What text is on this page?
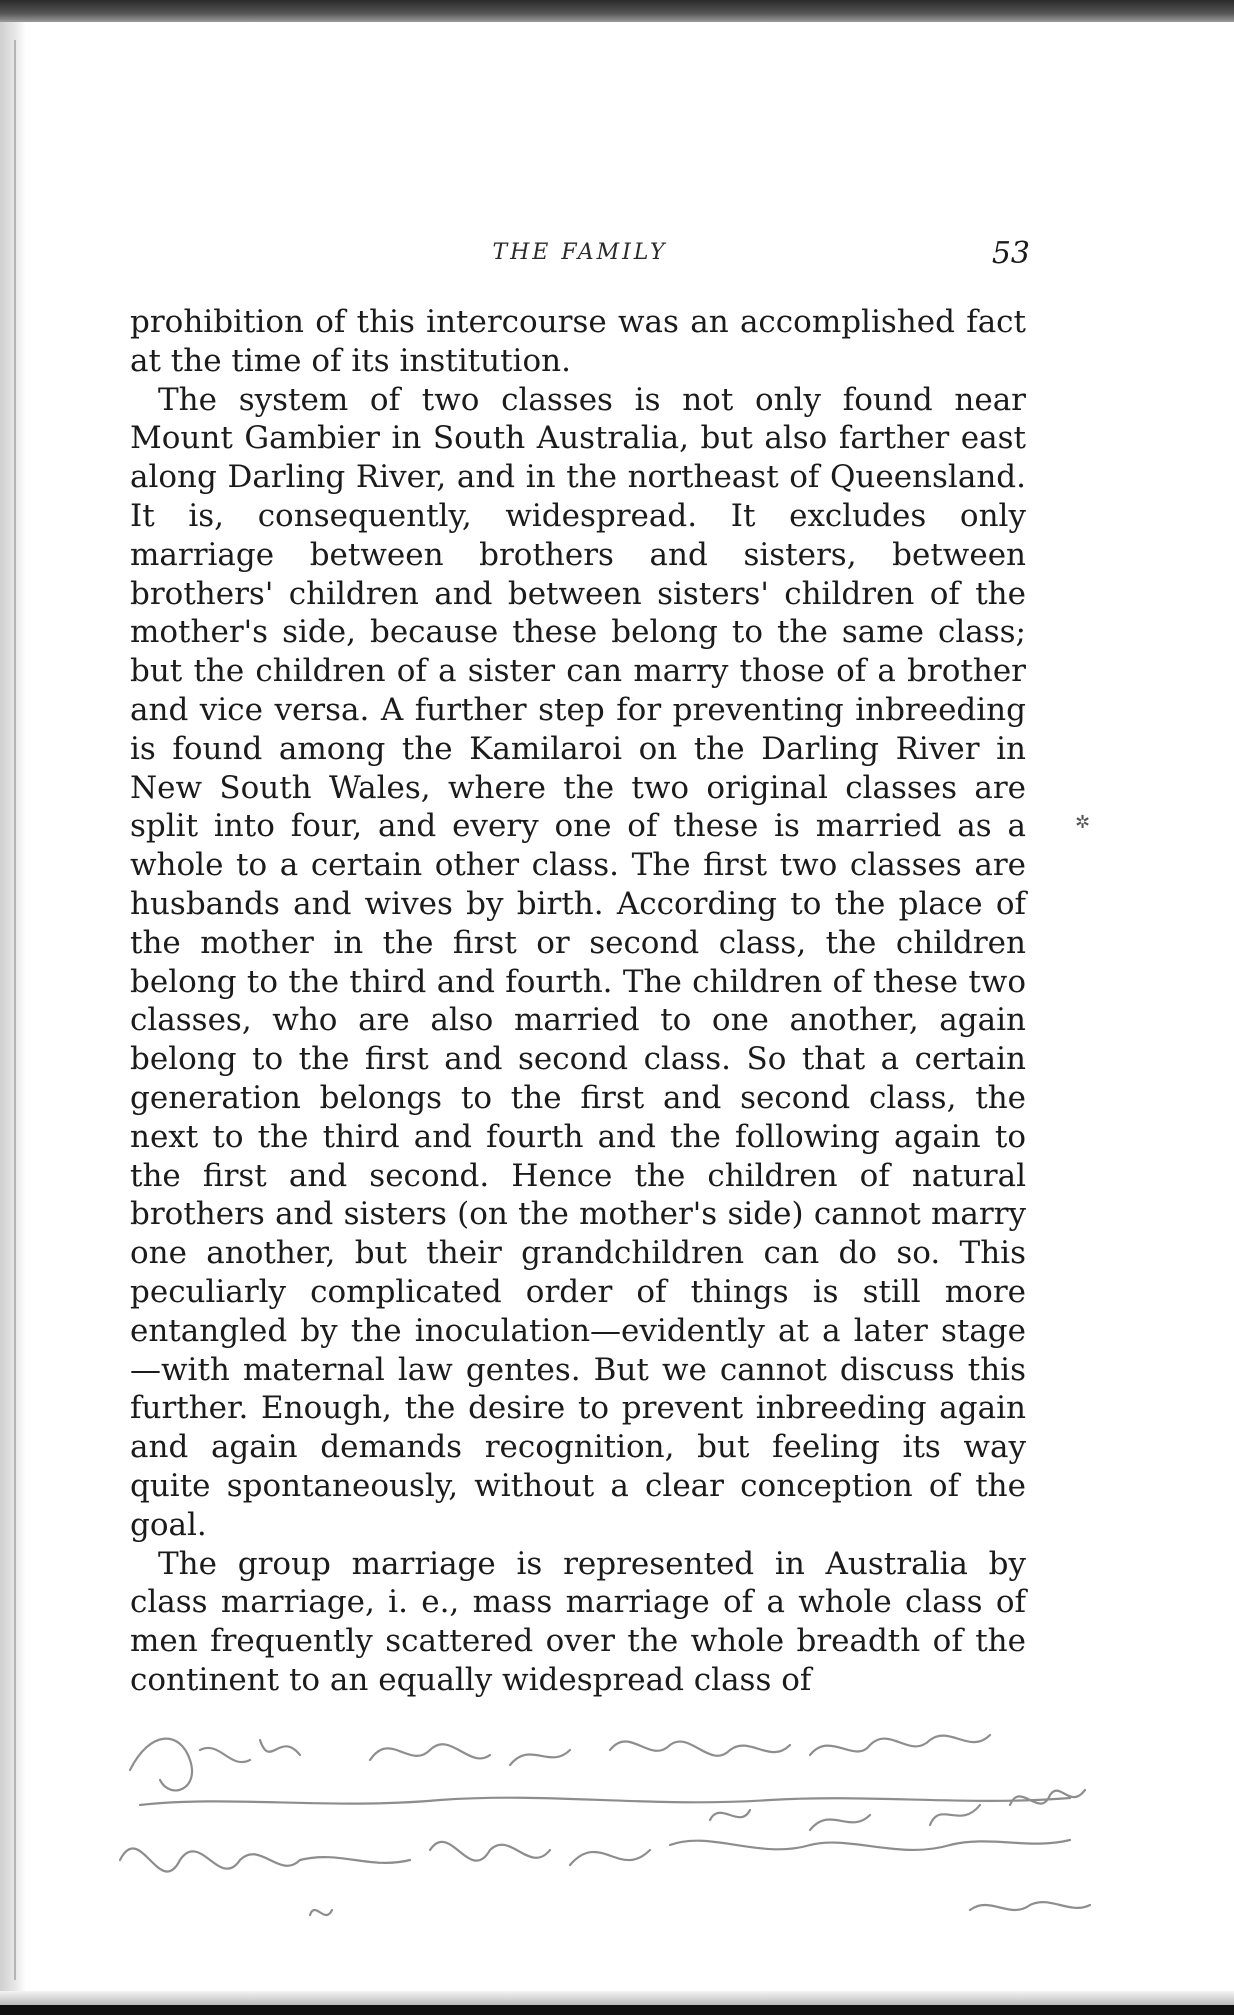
THE FAMILY	53

prohibition of this intercourse was an accomplished fact at the time of its institution.

The system of two classes is not only found near Mount Gambier in South Australia, but also farther east along Darling River, and in the northeast of Queensland. It is, consequently, widespread. It excludes only marriage between brothers and sisters, between brothers' children and between sisters' children of the mother's side, because these belong to the same class; but the children of a sister can marry those of a brother and vice versa. A further step for preventing inbreeding is found among the Kamilaroi on the Darling River in New South Wales, where the two original classes are split into four, and every one of these is married as a whole to a certain other class. The first two classes are husbands and wives by birth. According to the place of the mother in the first or second class, the children belong to the third and fourth. The children of these two classes, who are also married to one another, again belong to the first and second class. So that a certain generation belongs to the first and second class, the next to the third and fourth and the following again to the first and second. Hence the children of natural brothers and sisters (on the mother's side) cannot marry one another, but their grandchildren can do so. This peculiarly complicated order of things is still more entangled by the inoculation—evidently at a later stage—with maternal law gentes. But we cannot discuss this further. Enough, the desire to prevent inbreeding again and again demands recognition, but feeling its way quite spontaneously, without a clear conception of the goal.

The group marriage is represented in Australia by class marriage, i. e., mass marriage of a whole class of men frequently scattered over the whole breadth of the continent to an equally widespread class of

✲
